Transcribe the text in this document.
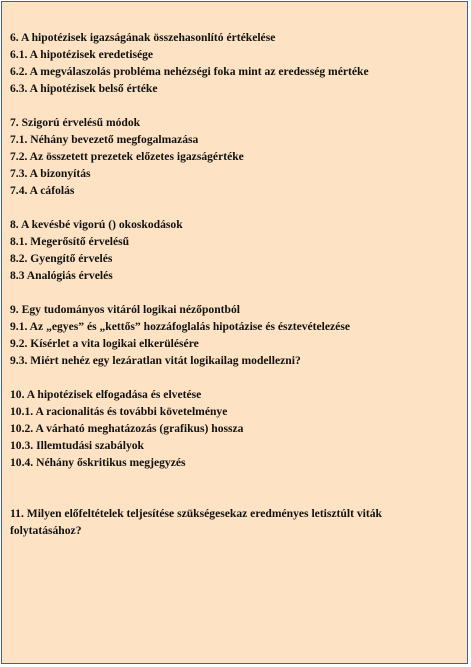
6. A hipotézisek igazságának összehasonlító értékelése
6.1. A hipotézisek eredetisége
6.2. A megválaszolás probléma nehézségi foka mint az eredesség mértéke
6.3. A hipotézisek belső értéke
7. Szigorú érvelésű módok
7.1. Néhány bevezető megfogalmazása
7.2. Az összetett prezetek előzetes igazságértéke
7.3. A bizonyítás
7.4. A cáfolás
8. A kevésbé vigorú () okoskodások
8.1. Megerősítő érvelésű
8.2. Gyengítő érvelés
8.3 Analógiás érvelés
9. Egy tudományos vitáról logikai nézőpontból
9.1. Az „egyes” és „kettős” hozzáfoglalás hipotázise és észtevételezése
9.2. Kísérlet a vita logikai elkerülésére
9.3. Miért nehéz egy lezáratlan vitát logikailag modellezni?
10. A hipotézisek elfogadása és elvetése
10.1. A racionalitás és további követelménye
10.2. A várható meghatázozás (grafikus) hossza
10.3. Illemtudási szabályok
10.4. Néhány őskritikus megjegyzés
11. Milyen előfeltételek teljesítése szükségesekaz eredményes letisztúlt viták folytatásához?
